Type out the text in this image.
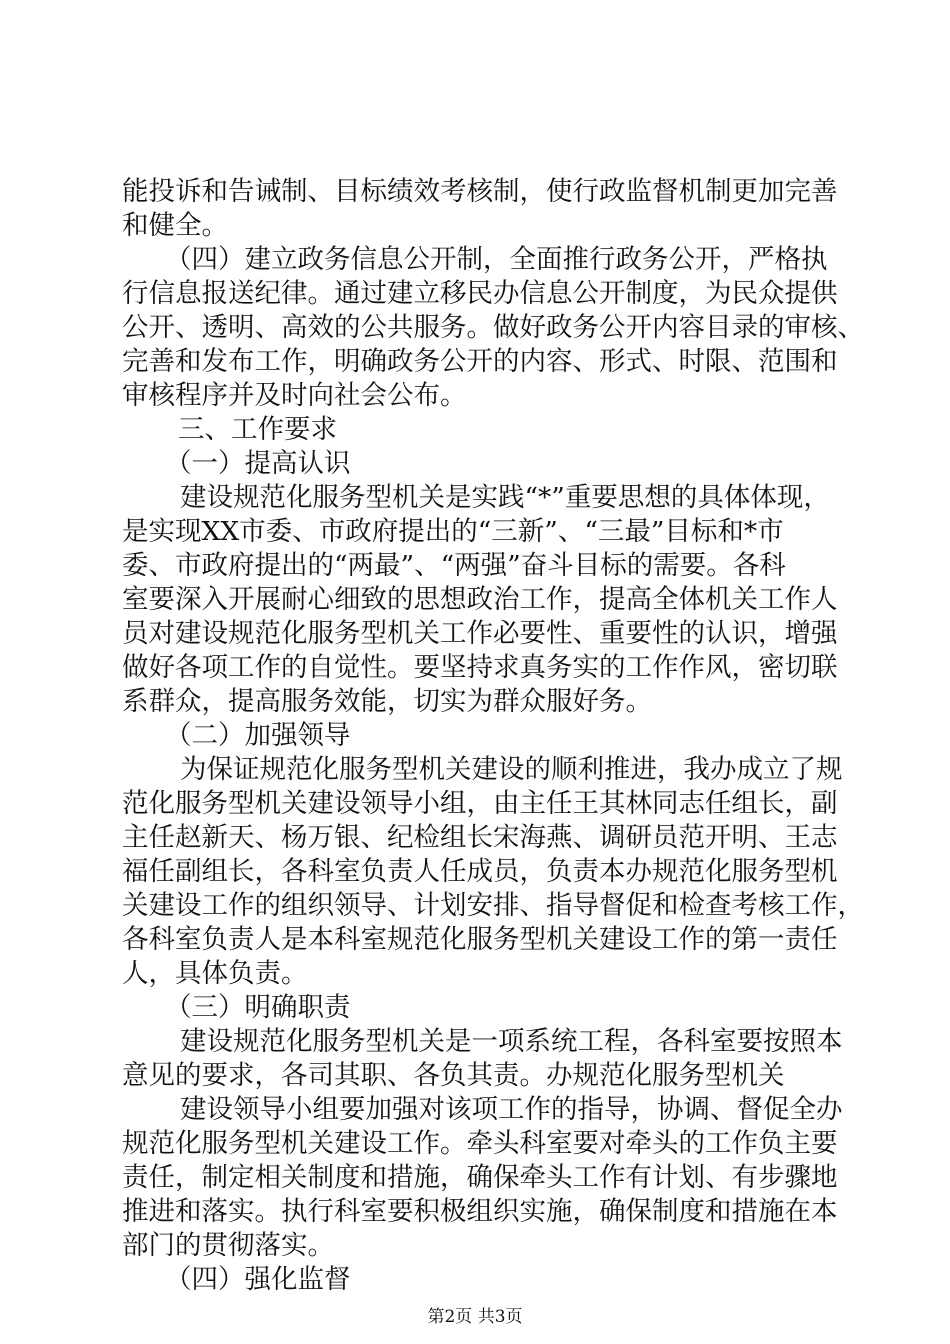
能投诉和告诫制、目标绩效考核制，使行政监督机制更加完善
和健全。
（四）建立政务信息公开制，全面推行政务公开，严格执
行信息报送纪律。通过建立移民办信息公开制度，为民众提供
公开、透明、高效的公共服务。做好政务公开内容目录的审核、
完善和发布工作，明确政务公开的内容、形式、时限、范围和
审核程序并及时向社会公布。
三、工作要求
（一）提高认识
建设规范化服务型机关是实践“*”重要思想的具体体现，
是实现XX市委、市政府提出的“三新”、“三最”目标和*市
委、市政府提出的“两最”、“两强”奋斗目标的需要。各科
室要深入开展耐心细致的思想政治工作，提高全体机关工作人
员对建设规范化服务型机关工作必要性、重要性的认识，增强
做好各项工作的自觉性。要坚持求真务实的工作作风，密切联
系群众，提高服务效能，切实为群众服好务。
（二）加强领导
为保证规范化服务型机关建设的顺利推进，我办成立了规
范化服务型机关建设领导小组，由主任王其林同志任组长，副
主任赵新天、杨万银、纪检组长宋海燕、调研员范开明、王志
福任副组长，各科室负责人任成员，负责本办规范化服务型机
关建设工作的组织领导、计划安排、指导督促和检查考核工作，
各科室负责人是本科室规范化服务型机关建设工作的第一责任
人，具体负责。
（三）明确职责
建设规范化服务型机关是一项系统工程，各科室要按照本
意见的要求，各司其职、各负其责。办规范化服务型机关
建设领导小组要加强对该项工作的指导，协调、督促全办
规范化服务型机关建设工作。牵头科室要对牵头的工作负主要
责任，制定相关制度和措施，确保牵头工作有计划、有步骤地
推进和落实。执行科室要积极组织实施，确保制度和措施在本
部门的贯彻落实。
（四）强化监督
第2页 共3页
